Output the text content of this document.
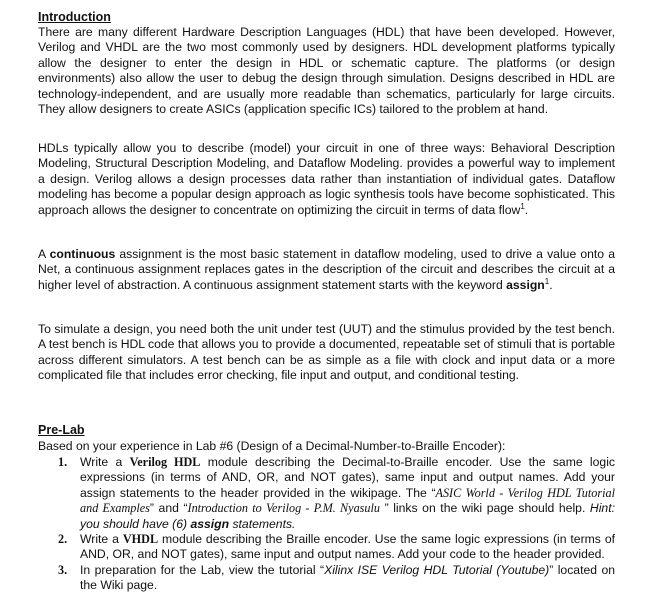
Introduction

There are many different Hardware Description Languages (HDL) that have been developed. However, Verilog and VHDL are the two most commonly used by designers. HDL development platforms typically allow the designer to enter the design in HDL or schematic capture. The platforms (or design environments) also allow the user to debug the design through simulation. Designs described in HDL are technology-independent, and are usually more readable than schematics, particularly for large circuits. They allow designers to create ASICs (application specific ICs) tailored to the problem at hand.

HDLs typically allow you to describe (model) your circuit in one of three ways: Behavioral Description Modeling, Structural Description Modeling, and Dataflow Modeling. provides a powerful way to implement a design. Verilog allows a design processes data rather than instantiation of individual gates. Dataflow modeling has become a popular design approach as logic synthesis tools have become sophisticated. This approach allows the designer to concentrate on optimizing the circuit in terms of data flow$^1$.

A continuous assignment is the most basic statement in dataflow modeling, used to drive a value onto a Net, a continuous assignment replaces gates in the description of the circuit and describes the circuit at a higher level of abstraction. A continuous assignment statement starts with the keyword assign$^1$.

To simulate a design, you need both the unit under test (UUT) and the stimulus provided by the test bench. A test bench is HDL code that allows you to provide a documented, repeatable set of stimuli that is portable across different simulators. A test bench can be as simple as a file with clock and input data or a more complicated file that includes error checking, file input and output, and conditional testing.

Pre-Lab

Based on your experience in Lab #6 (Design of a Decimal-Number-to-Braille Encoder):

1. Write a Verilog HDL module describing the Decimal-to-Braille encoder. Use the same logic expressions (in terms of AND, OR, and NOT gates), same input and output names. Add your assign statements to the header provided in the wikipage. The “ASIC World - Verilog HDL Tutorial and Examples” and “Introduction to Verilog - P.M. Nyasulu ” links on the wiki page should help. Hint: you should have (6) assign statements.
2. Write a VHDL module describing the Braille encoder. Use the same logic expressions (in terms of AND, OR, and NOT gates), same input and output names. Add your code to the header provided.
3. In preparation for the Lab, view the tutorial “Xilinx ISE Verilog HDL Tutorial (Youtube)” located on the Wiki page.
